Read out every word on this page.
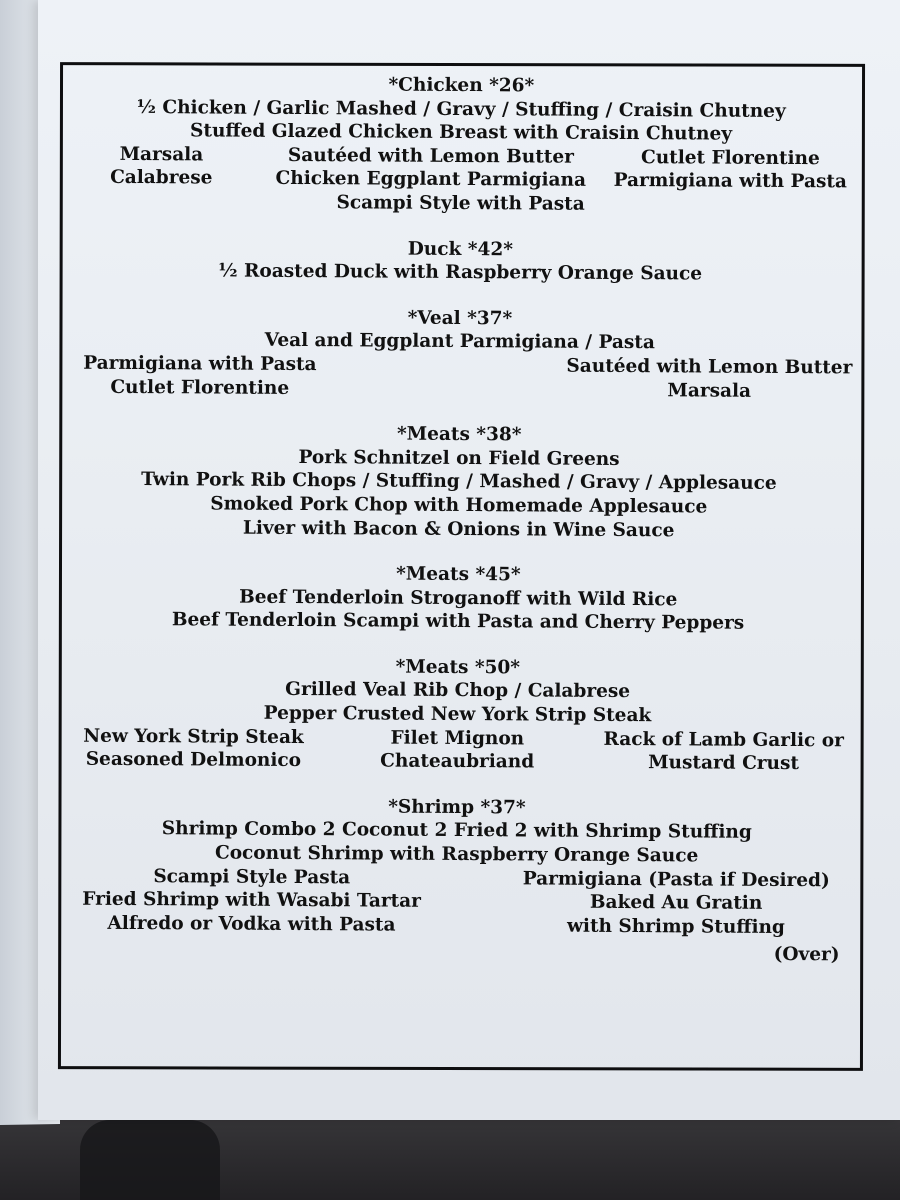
*Chicken *26*
½ Chicken / Garlic Mashed / Gravy / Stuffing / Craisin Chutney
Stuffed Glazed Chicken Breast with Craisin Chutney
Marsala	Sautéed with Lemon Butter	Cutlet Florentine
Calabrese	Chicken Eggplant Parmigiana	Parmigiana with Pasta
Scampi Style with Pasta
Duck *42*
½ Roasted Duck with Raspberry Orange Sauce
*Veal *37*
Veal and Eggplant Parmigiana / Pasta
Parmigiana with Pasta	Sautéed with Lemon Butter
Cutlet Florentine	Marsala
*Meats *38*
Pork Schnitzel on Field Greens
Twin Pork Rib Chops / Stuffing / Mashed / Gravy / Applesauce
Smoked Pork Chop with Homemade Applesauce
Liver with Bacon & Onions in Wine Sauce
*Meats *45*
Beef Tenderloin Stroganoff with Wild Rice
Beef Tenderloin Scampi with Pasta and Cherry Peppers
*Meats *50*
Grilled Veal Rib Chop / Calabrese
Pepper Crusted New York Strip Steak
New York Strip Steak	Filet Mignon	Rack of Lamb Garlic or
Seasoned Delmonico	Chateaubriand	Mustard Crust
*Shrimp *37*
Shrimp Combo 2 Coconut 2 Fried 2 with Shrimp Stuffing
Coconut Shrimp with Raspberry Orange Sauce
Scampi Style Pasta	Parmigiana (Pasta if Desired)
Fried Shrimp with Wasabi Tartar	Baked Au Gratin
Alfredo or Vodka with Pasta	with Shrimp Stuffing
(Over)
